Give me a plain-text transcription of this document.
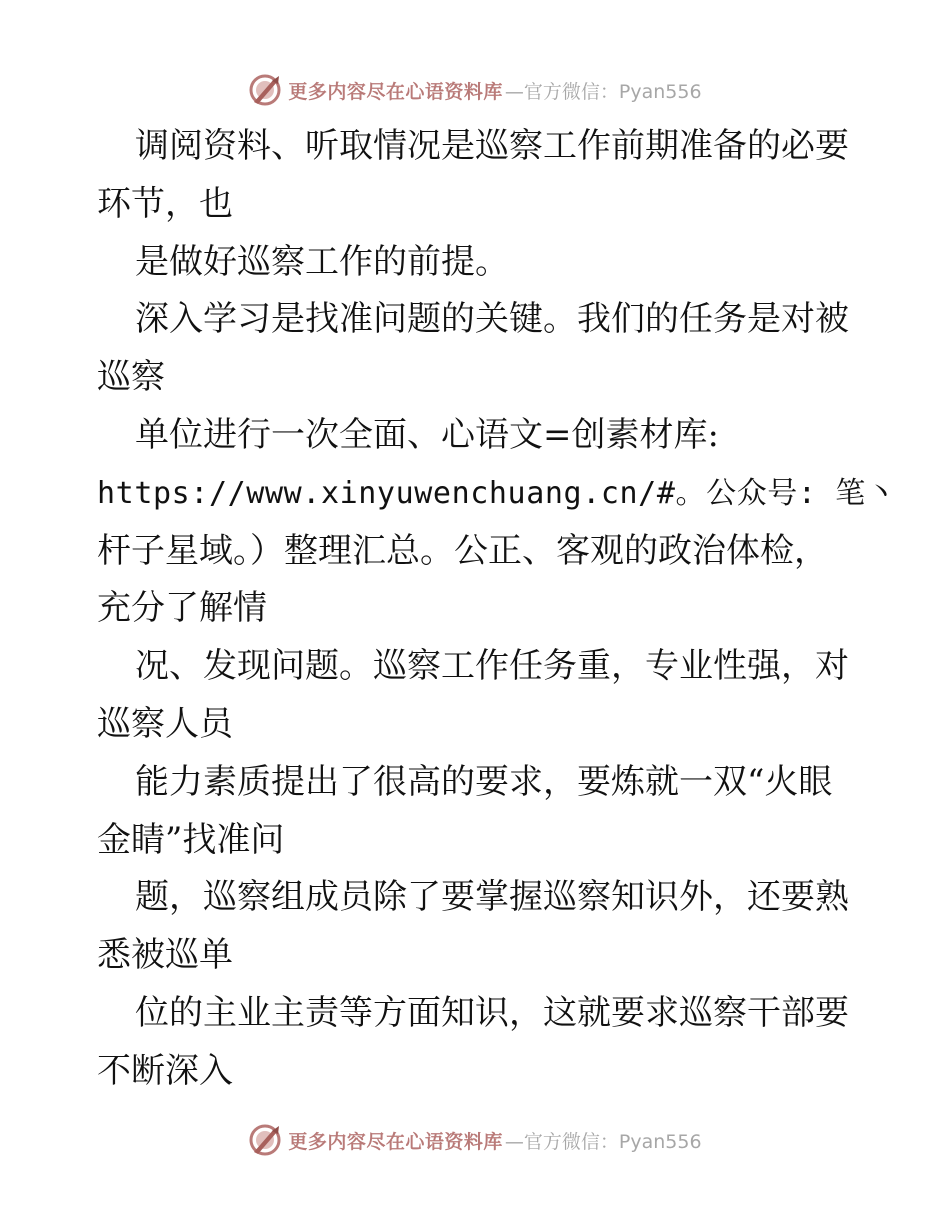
更多内容尽在心语资料库 —官方微信：Pyan556
调阅资料、听取情况是巡察工作前期准备的必要
环节，也
是做好巡察工作的前提。
深入学习是找准问题的关键。我们的任务是对被
巡察
单位进行一次全面、心语文=创素材库:
https://www.xinyuwenchuang.cn/#。公众号: 笔丶
杆子星域。）整理汇总。公正、客观的政治体检，
充分了解情
况、发现问题。巡察工作任务重，专业性强，对
巡察人员
能力素质提出了很高的要求，要炼就一双“火眼
金睛”找准问
题，巡察组成员除了要掌握巡察知识外，还要熟
悉被巡单
位的主业主责等方面知识，这就要求巡察干部要
不断深入
更多内容尽在心语资料库 —官方微信：Pyan556
